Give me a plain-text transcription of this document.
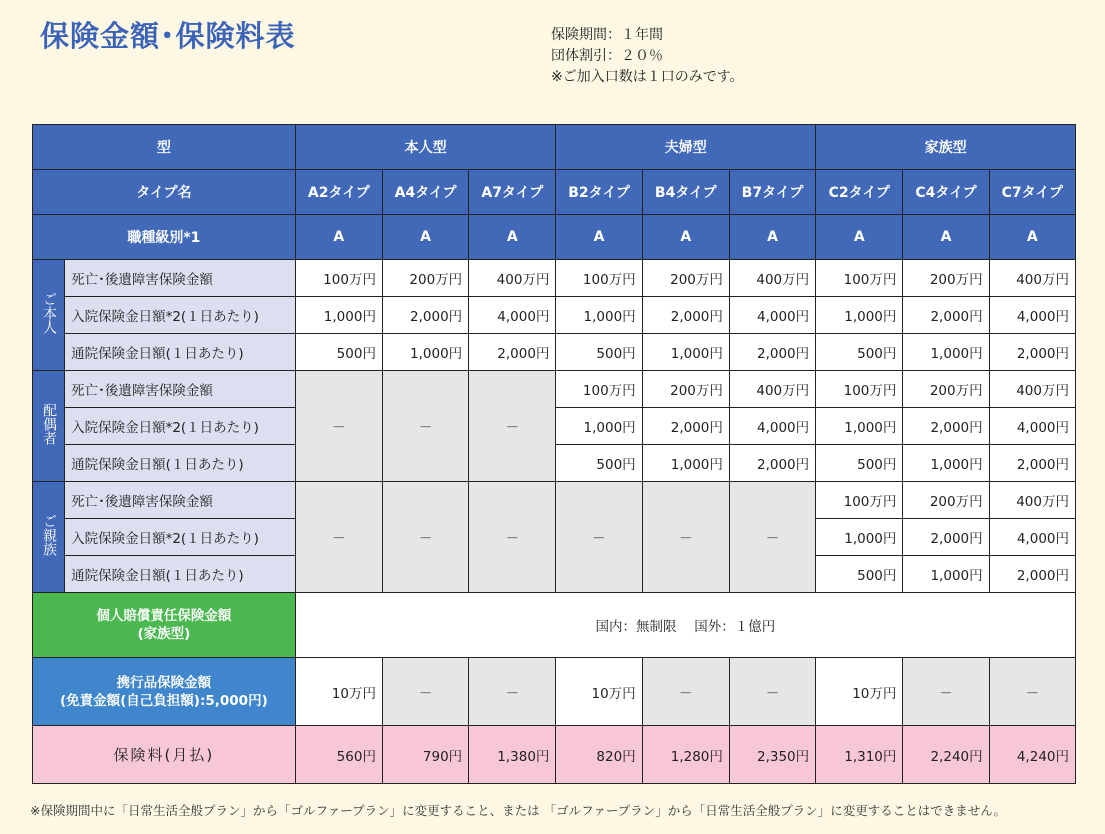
保険金額･保険料表	保険期間：１年間
団体割引：２０％
※ご加入口数は１口のみです。
型		本人型			夫婦型			家族型		
タイプ名		A2タイプ	A4タイプ	A7タイプ	B2タイプ	B4タイプ	B7タイプ	C2タイプ	C4タイプ	C7タイプ
職種級別*1		A	A	A	A	A	A	A	A	A
ご本人	死亡･後遺障害保険金額	100万円	200万円	400万円	100万円	200万円	400万円	100万円	200万円	400万円
	入院保険金日額*2(１日あたり)	1,000円	2,000円	4,000円	1,000円	2,000円	4,000円	1,000円	2,000円	4,000円
	通院保険金日額(１日あたり)	500円	1,000円	2,000円	500円	1,000円	2,000円	500円	1,000円	2,000円
配偶者	死亡･後遺障害保険金額	－	－	－	100万円	200万円	400万円	100万円	200万円	400万円
	入院保険金日額*2(１日あたり)				1,000円	2,000円	4,000円	1,000円	2,000円	4,000円
	通院保険金日額(１日あたり)				500円	1,000円	2,000円	500円	1,000円	2,000円
ご親族	死亡･後遺障害保険金額	－	－	－	－	－	－	100万円	200万円	400万円
	入院保険金日額*2(１日あたり)							1,000円	2,000円	4,000円
	通院保険金日額(１日あたり)							500円	1,000円	2,000円

個人賠償責任保険金額
(家族型)		国内：無制限　 国外：１億円								

携行品保険金額
(免責金額(自己負担額):5,000円)		10万円	－	－	10万円	－	－	10万円	－	－
保険料(月払)		560円	790円	1,380円	820円	1,280円	2,350円	1,310円	2,240円	4,240円
※保険期間中に「日常生活全般プラン」から「ゴルファープラン」に変更すること、または 「ゴルファープラン」から「日常生活全般プラン」に変更することはできません。
